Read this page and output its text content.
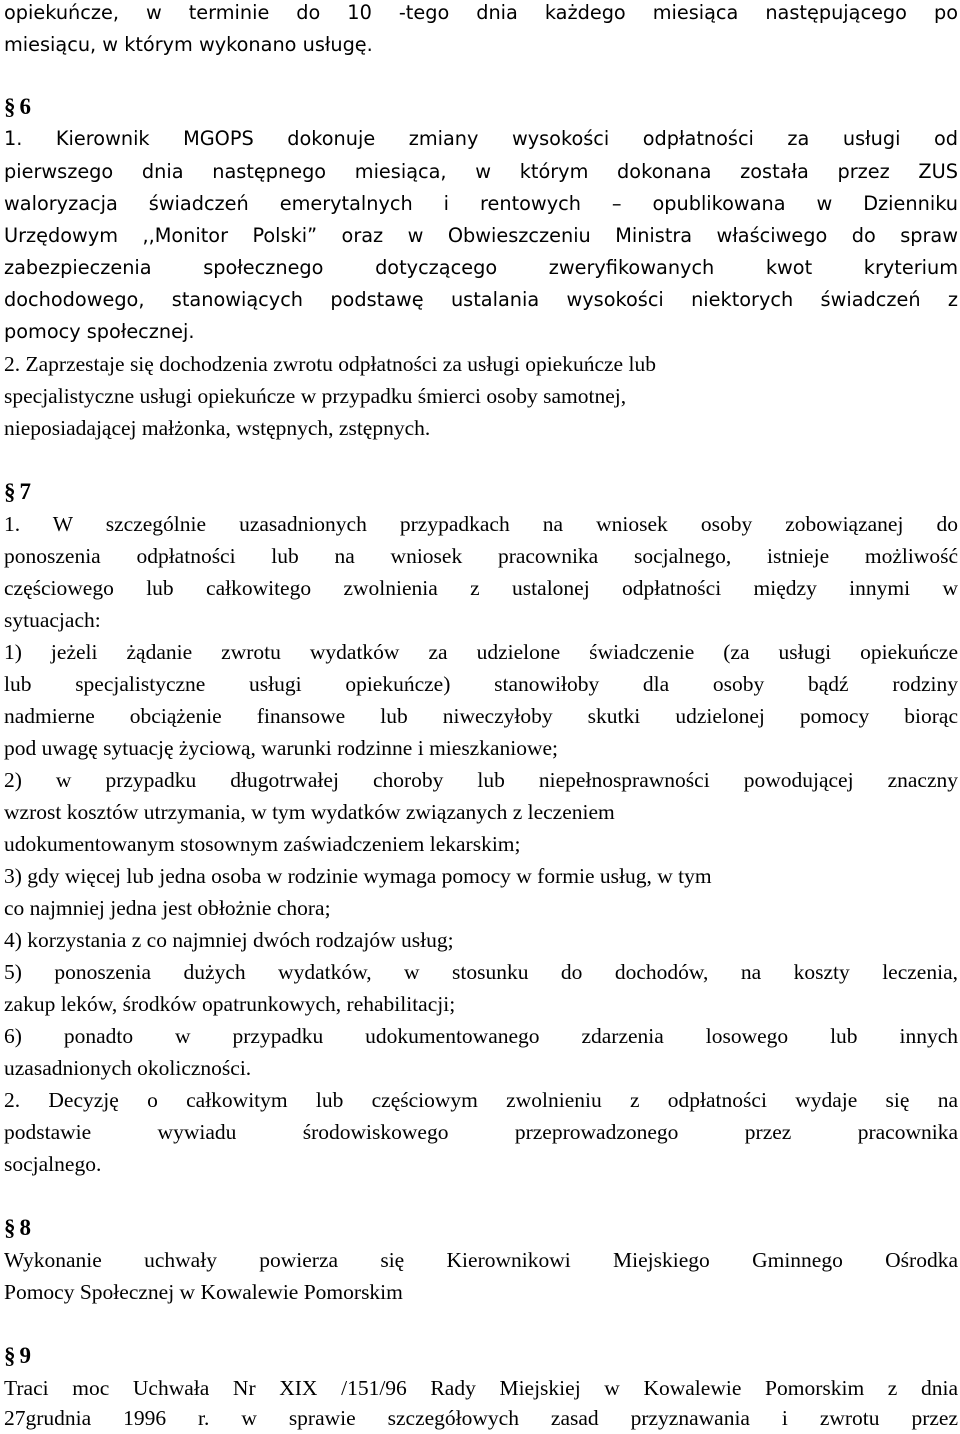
opiekuńcze, w terminie do 10 -tego dnia każdego miesiąca następującego po
miesiącu, w którym wykonano usługę.
§ 6
1. Kierownik MGOPS dokonuje zmiany wysokości odpłatności za usługi od
pierwszego dnia następnego miesiąca, w którym dokonana została przez ZUS
waloryzacja świadczeń emerytalnych i rentowych – opublikowana w Dzienniku
Urzędowym ,,Monitor Polski” oraz w Obwieszczeniu Ministra właściwego do spraw
zabezpieczenia społecznego dotyczącego zweryfikowanych kwot kryterium
dochodowego, stanowiących podstawę ustalania wysokości niektorych świadczeń z
pomocy społecznej.
2. Zaprzestaje się dochodzenia zwrotu odpłatności za usługi opiekuńcze lub
specjalistyczne usługi opiekuńcze w przypadku śmierci osoby samotnej,
nieposiadającej małżonka, wstępnych, zstępnych.
§ 7
1. W szczególnie uzasadnionych przypadkach na wniosek osoby zobowiązanej do
ponoszenia odpłatności lub na wniosek pracownika socjalnego, istnieje możliwość
częściowego lub całkowitego zwolnienia z ustalonej odpłatności między innymi w
sytuacjach:
1) jeżeli żądanie zwrotu wydatków za udzielone świadczenie (za usługi opiekuńcze
lub specjalistyczne usługi opiekuńcze) stanowiłoby dla osoby bądź rodziny
nadmierne obciążenie finansowe lub niweczyłoby skutki udzielonej pomocy biorąc
pod uwagę sytuację życiową, warunki rodzinne i mieszkaniowe;
2) w przypadku długotrwałej choroby lub niepełnosprawności powodującej znaczny
wzrost kosztów utrzymania, w tym wydatków związanych z leczeniem
udokumentowanym stosownym zaświadczeniem lekarskim;
3) gdy więcej lub jedna osoba w rodzinie wymaga pomocy w formie usług, w tym
co najmniej jedna jest obłożnie chora;
4) korzystania z co najmniej dwóch rodzajów usług;
5) ponoszenia dużych wydatków, w stosunku do dochodów, na koszty leczenia,
zakup leków, środków opatrunkowych, rehabilitacji;
6) ponadto w przypadku udokumentowanego zdarzenia losowego lub innych
uzasadnionych okoliczności.
2. Decyzję o całkowitym lub częściowym zwolnieniu z odpłatności wydaje się na
podstawie wywiadu środowiskowego przeprowadzonego przez pracownika
socjalnego.
§ 8
Wykonanie uchwały powierza się Kierownikowi Miejskiego Gminnego Ośrodka
Pomocy Społecznej w Kowalewie Pomorskim
§ 9
Traci moc Uchwała Nr XIX /151/96 Rady Miejskiej w Kowalewie Pomorskim z dnia
27grudnia 1996 r. w sprawie szczegółowych zasad przyznawania i zwrotu przez
